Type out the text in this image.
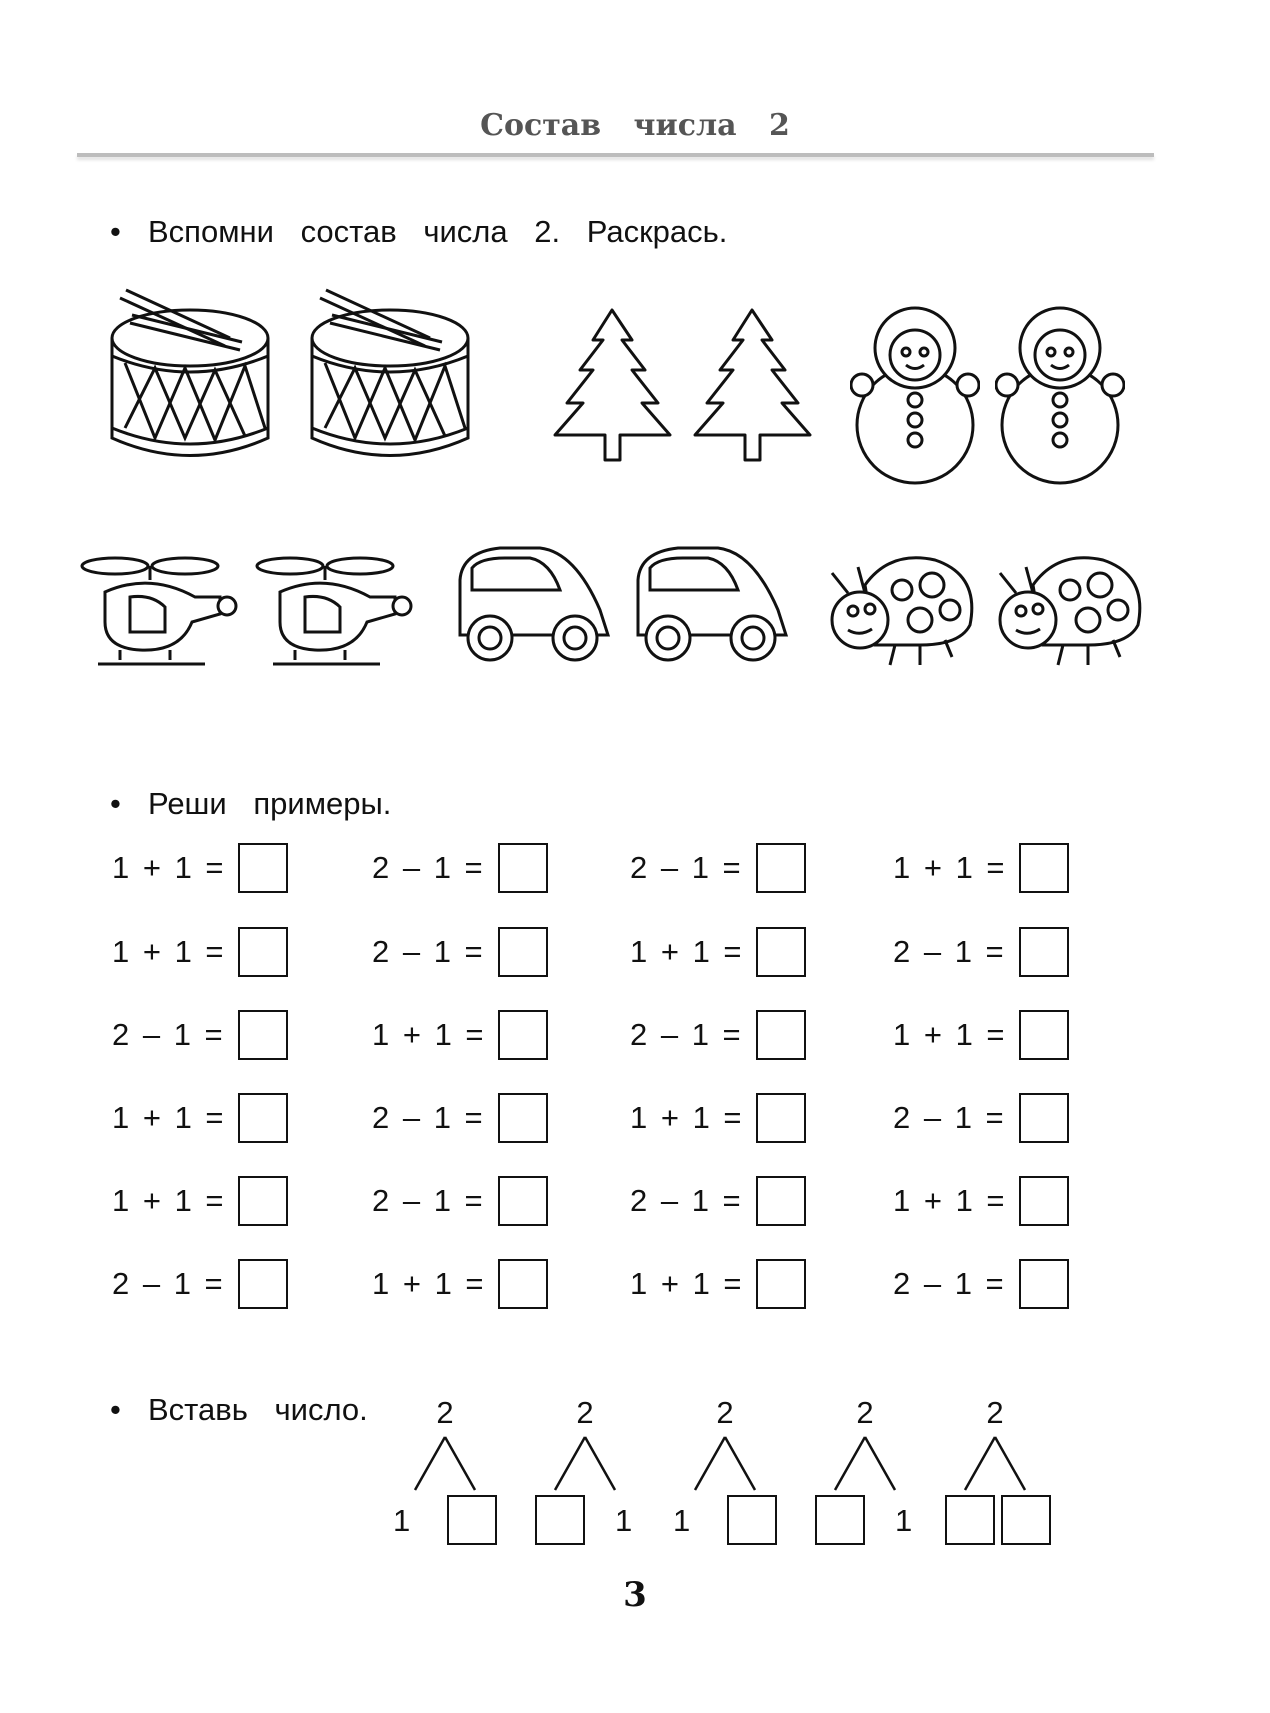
Состав числа 2
• Вспомни состав числа 2. Раскрась.
• Реши примеры.
1 + 1 =	2 – 1 =	2 – 1 =	1 + 1 =
1 + 1 =	2 – 1 =	1 + 1 =	2 – 1 =
2 – 1 =	1 + 1 =	2 – 1 =	1 + 1 =
1 + 1 =	2 – 1 =	1 + 1 =	2 – 1 =
1 + 1 =	2 – 1 =	2 – 1 =	1 + 1 =
2 – 1 =	1 + 1 =	1 + 1 =	2 – 1 =
• Вставь число.	2
1
2
1
2
1
2
1
2
3
